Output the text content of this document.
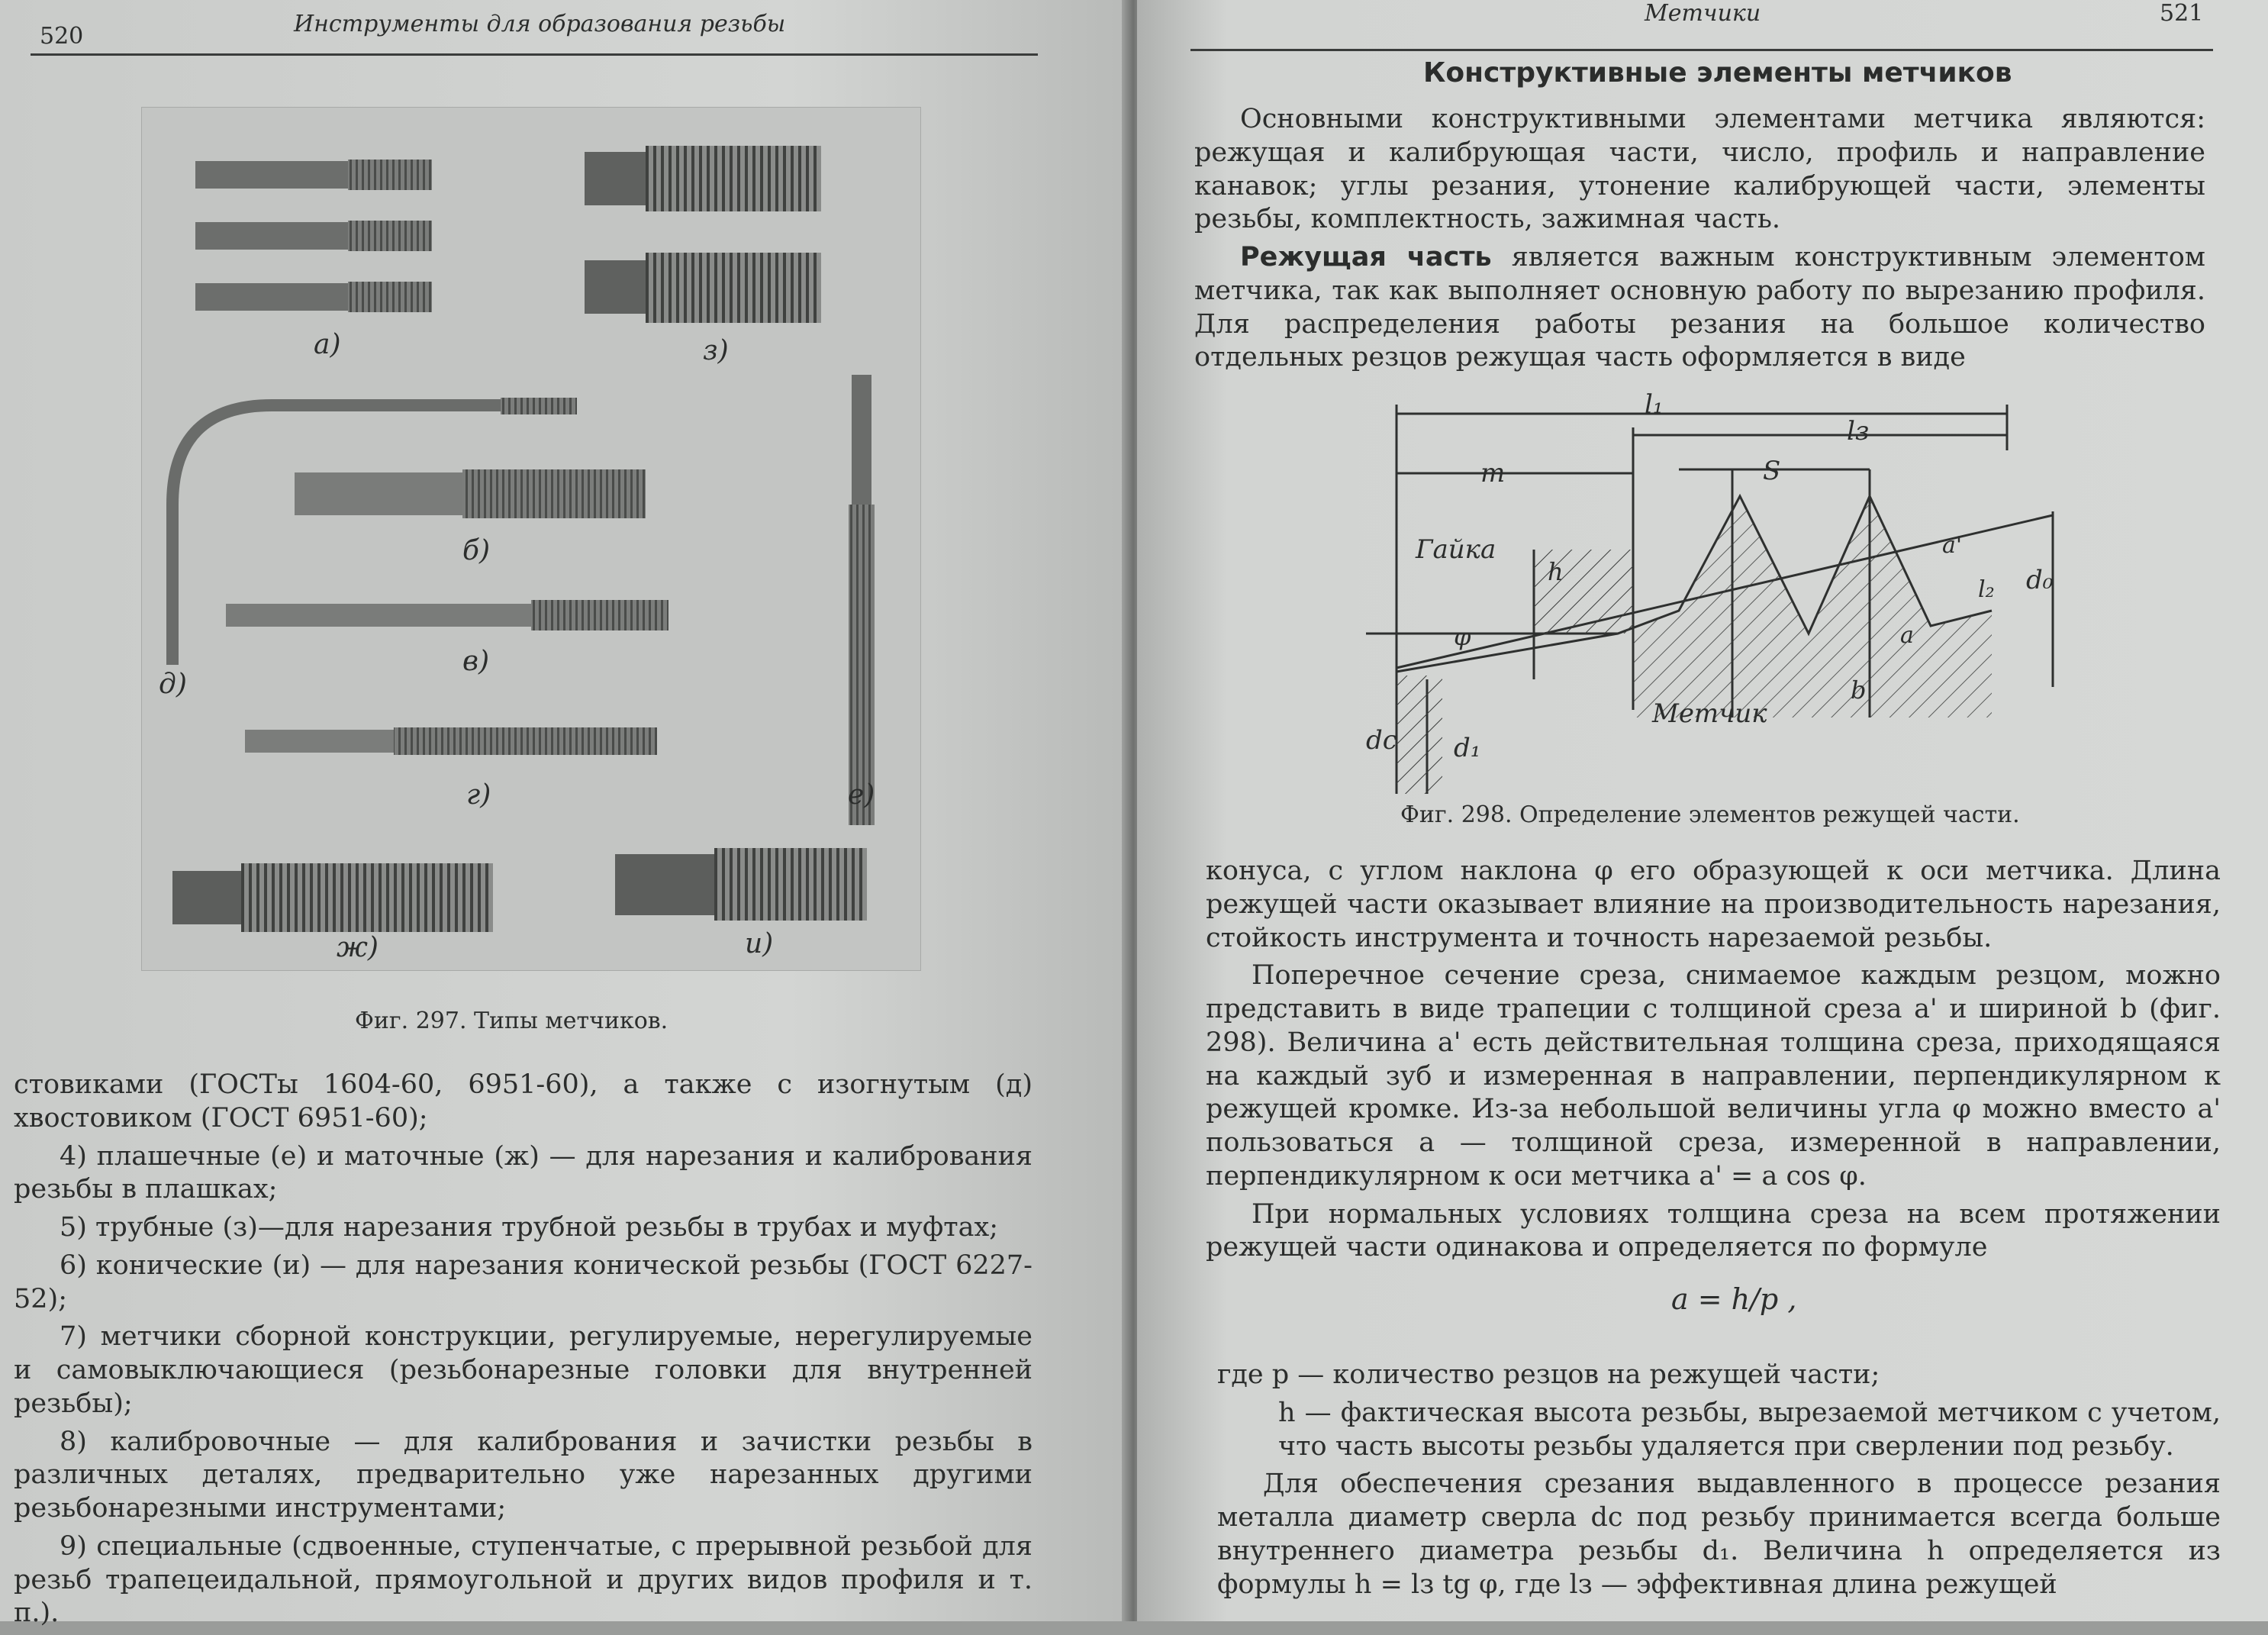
520	Инструменты для образования резьбы
а)
б)
в)
г)
д)
е)
ж)
з)
и)
Фиг. 297. Типы метчиков.

стовиками (ГОСТы 1604-60, 6951-60), а также с изогнутым (д) хвостовиком (ГОСТ 6951-60);

4) плашечные (е) и маточные (ж) — для нарезания и калибрования резьбы в плашках;

5) трубные (з)—для нарезания трубной резьбы в трубах и муфтах;

6) конические (и) — для нарезания конической резьбы (ГОСТ 6227-52);

7) метчики сборной конструкции, регулируемые, нерегулируемые и самовыключающиеся (резьбонарезные головки для внутренней резьбы);

8) калибровочные — для калибрования и зачистки резьбы в различных деталях, предварительно уже нарезанных другими резьбонарезными инструментами;

9) специальные (сдвоенные, ступенчатые, с прерывной резьбой для резьб трапецеидальной, прямоугольной и других видов профиля и т. п.).

Метчики	521
Конструктивные элементы метчиков

Основными конструктивными элементами метчика являются: режущая и калибрующая части, число, профиль и направление канавок; углы резания, утонение калибрующей части, элементы резьбы, комплектность, зажимная часть.

Режущая часть является важным конструктивным элементом метчика, так как выполняет основную работу по вырезанию профиля. Для распределения работы резания на большое количество отдельных резцов режущая часть оформляется в виде

l₁
lз
m	S
Гайка
h
a'
l₂ d₀
φ	a
b
Метчик
dс d₁
Фиг. 298. Определение элементов режущей части.

конуса, с углом наклона φ его образующей к оси метчика. Длина режущей части оказывает влияние на производительность нарезания, стойкость инструмента и точность нарезаемой резьбы.

Поперечное сечение среза, снимаемое каждым резцом, можно представить в виде трапеции с толщиной среза a' и шириной b (фиг. 298). Величина a' есть действительная толщина среза, приходящаяся на каждый зуб и измеренная в направлении, перпендикулярном к режущей кромке. Из-за небольшой величины угла φ можно вместо a' пользоваться a — толщиной среза, измеренной в направлении, перпендикулярном к оси метчика a' = a cos φ.

При нормальных условиях толщина среза на всем протяжении режущей части одинакова и определяется по формуле

a = h/p ,

где p — количество резцов на режущей части;

h — фактическая высота резьбы, вырезаемой метчиком с учетом, что часть высоты резьбы удаляется при сверлении под резьбу.

Для обеспечения срезания выдавленного в процессе резания металла диаметр сверла dс под резьбу принимается всегда больше внутреннего диаметра резьбы d₁. Величина h определяется из формулы h = lз tg φ, где lз — эффективная длина режущей
